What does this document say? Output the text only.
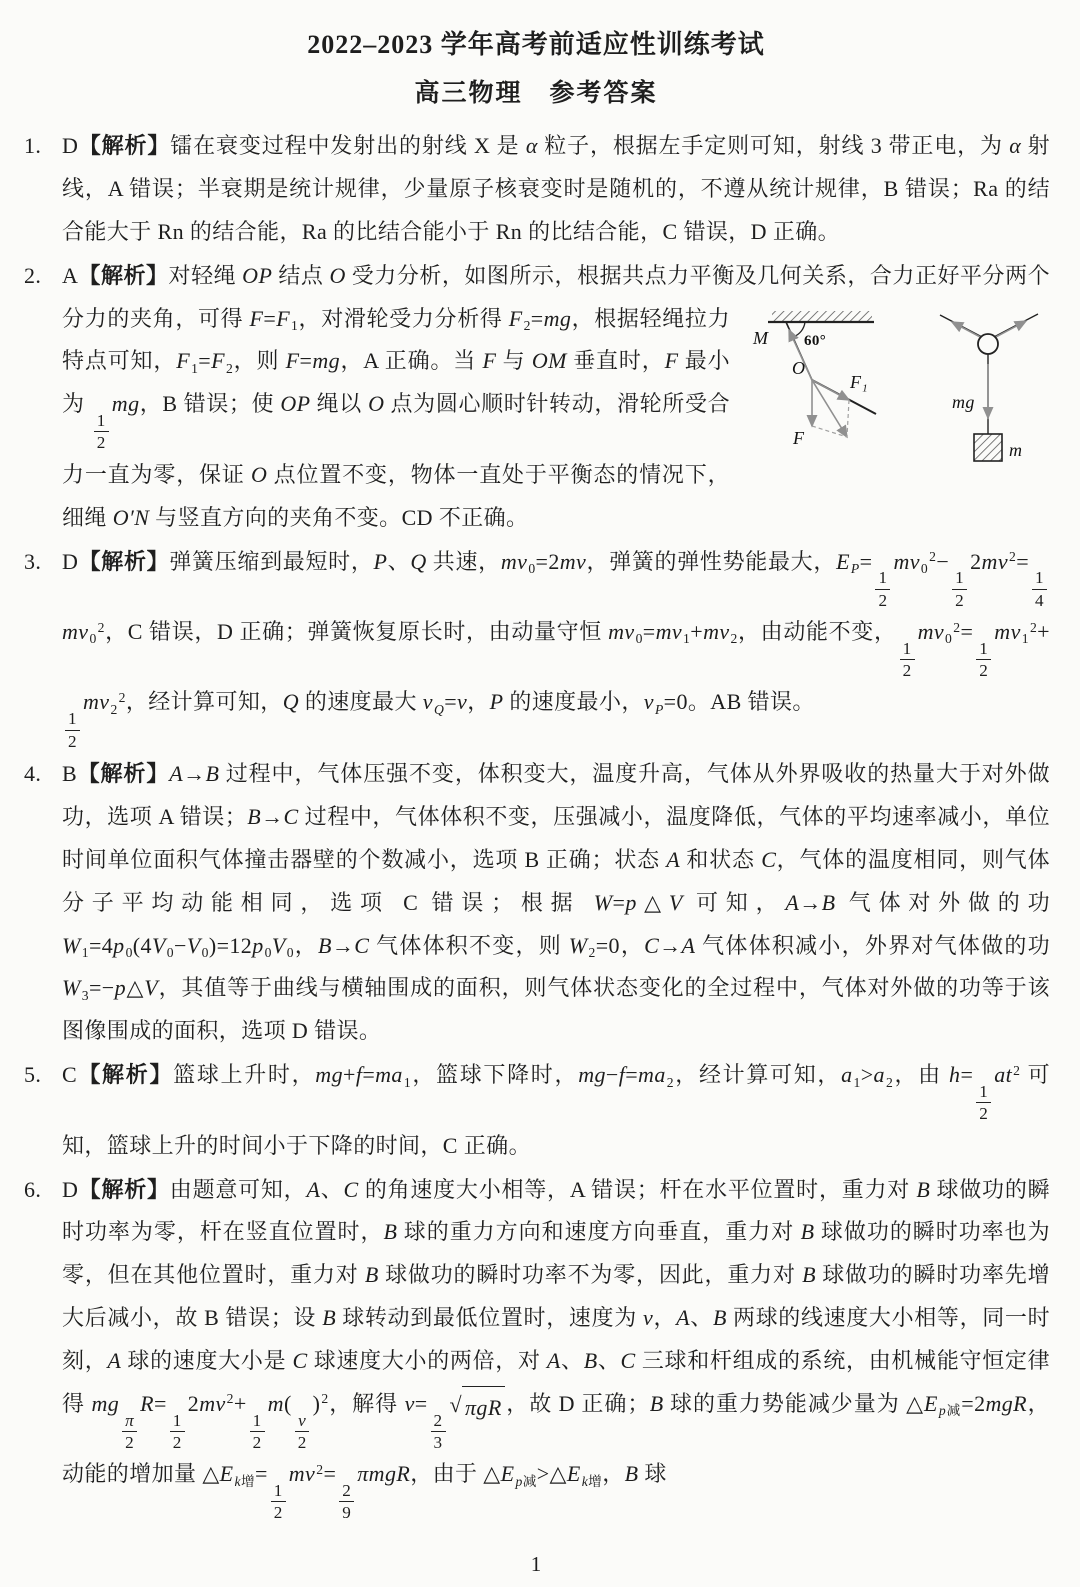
2022–2023 学年高考前适应性训练考试
高三物理　参考答案
1. D【解析】镭在衰变过程中发射出的射线 X 是 α 粒子，根据左手定则可知，射线 3 带正电，为 α 射线，A 错误；半衰期是统计规律，少量原子核衰变时是随机的，不遵从统计规律，B 错误；Ra 的结合能大于 Rn 的结合能，Ra 的比结合能小于 Rn 的比结合能，C 错误，D 正确。
2. A【解析】对轻绳 OP 结点 O 受力分析，如图所示，根据共点力平衡及几何关系，合力正好平分两个分力的夹角，可得 F=F1，对滑轮受力分析得 F2=mg，根据轻绳拉力
M 60°
O
F₁
F
mg
m
特点可知，F1=F2，则 F=mg，A 正确。当 F 与 OM 垂直时，F 最小为
$\frac{1}{2}$
mg，B 错误；使 OP 绳以 O 点为圆心顺时针转动，滑轮所受合力一直为零，保证 O 点位置不变，物体一直处于平衡态的情况下，细绳 O′N 与竖直方向的夹角不变。CD 不正确。
3. D【解析】弹簧压缩到最短时，P、Q 共速，mv0=2mv，弹簧的弹性势能最大，EP=
$\frac{1}{2}$
$mv0^2-$
$\frac{1}{2}$
$2mv^2=$
$\frac{1}{4}$
$mv0^2$，C 错误，D 正确；弹簧恢复原长时，由动量守恒 mv0=mv1+mv2，由动能不变，
$\frac{1}{2}$
$mv0^2=$
$\frac{1}{2}$
$mv1^2+$
$\frac{1}{2}$
$mv2^2$，经计算可知，Q 的速度最大 vQ=v，P 的速度最小，vP=0。AB 错误。
4. B【解析】A→B 过程中，气体压强不变，体积变大，温度升高，气体从外界吸收的热量大于对外做功，选项 A 错误；B→C 过程中，气体体积不变，压强减小，温度降低，气体的平均速率减小，单位时间单位面积气体撞击器壁的个数减小，选项 B 正确；状态 A 和状态 C，气体的温度相同，则气体分子平均动能相同，选项 C 错误；根据 W=p△V 可知，A→B 气体对外做的功 W1=4p0(4V0−V0)=12p0V0，B→C 气体体积不变，则 W2=0，C→A 气体体积减小，外界对气体做的功 W3=−p△V，其值等于曲线与横轴围成的面积，则气体状态变化的全过程中，气体对外做的功等于该图像围成的面积，选项 D 错误。
5. C【解析】篮球上升时，mg+f=ma1，篮球下降时，mg−f=ma2，经计算可知，a1>a2，由 h=
$\frac{1}{2}$
$at^2$ 可知，篮球上升的时间小于下降的时间，C 正确。
6. D【解析】由题意可知，A、C 的角速度大小相等，A 错误；杆在水平位置时，重力对 B 球做功的瞬时功率为零，杆在竖直位置时，B 球的重力方向和速度方向垂直，重力对 B 球做功的瞬时功率也为零，但在其他位置时，重力对 B 球做功的瞬时功率不为零，因此，重力对 B 球做功的瞬时功率先增大后减小，故 B 错误；设 B 球转动到最低位置时，速度为 v，A、B 两球的线速度大小相等，同一时刻，A 球的速度大小是 C 球速度大小的两倍，对 A、B、C 三球和杆组成的系统，由机械能守恒定律得 mg
$\frac{\pi}{2}$
R=
$\frac{1}{2}$
$2mv^2+$
$\frac{1}{2}$
m(
$\frac{v}{2}$
)$^2$，解得 v=
$\frac{2}{3}$
√ πgR ，故 D 正确；B 球的重力势能减少量为 △Ep减=2mgR，动能的增加量 △Ek增=
$\frac{1}{2}$
$mv^2=$
$\frac{2}{9}$
πmgR，由于 △Ep减>△Ek增，B 球
1
